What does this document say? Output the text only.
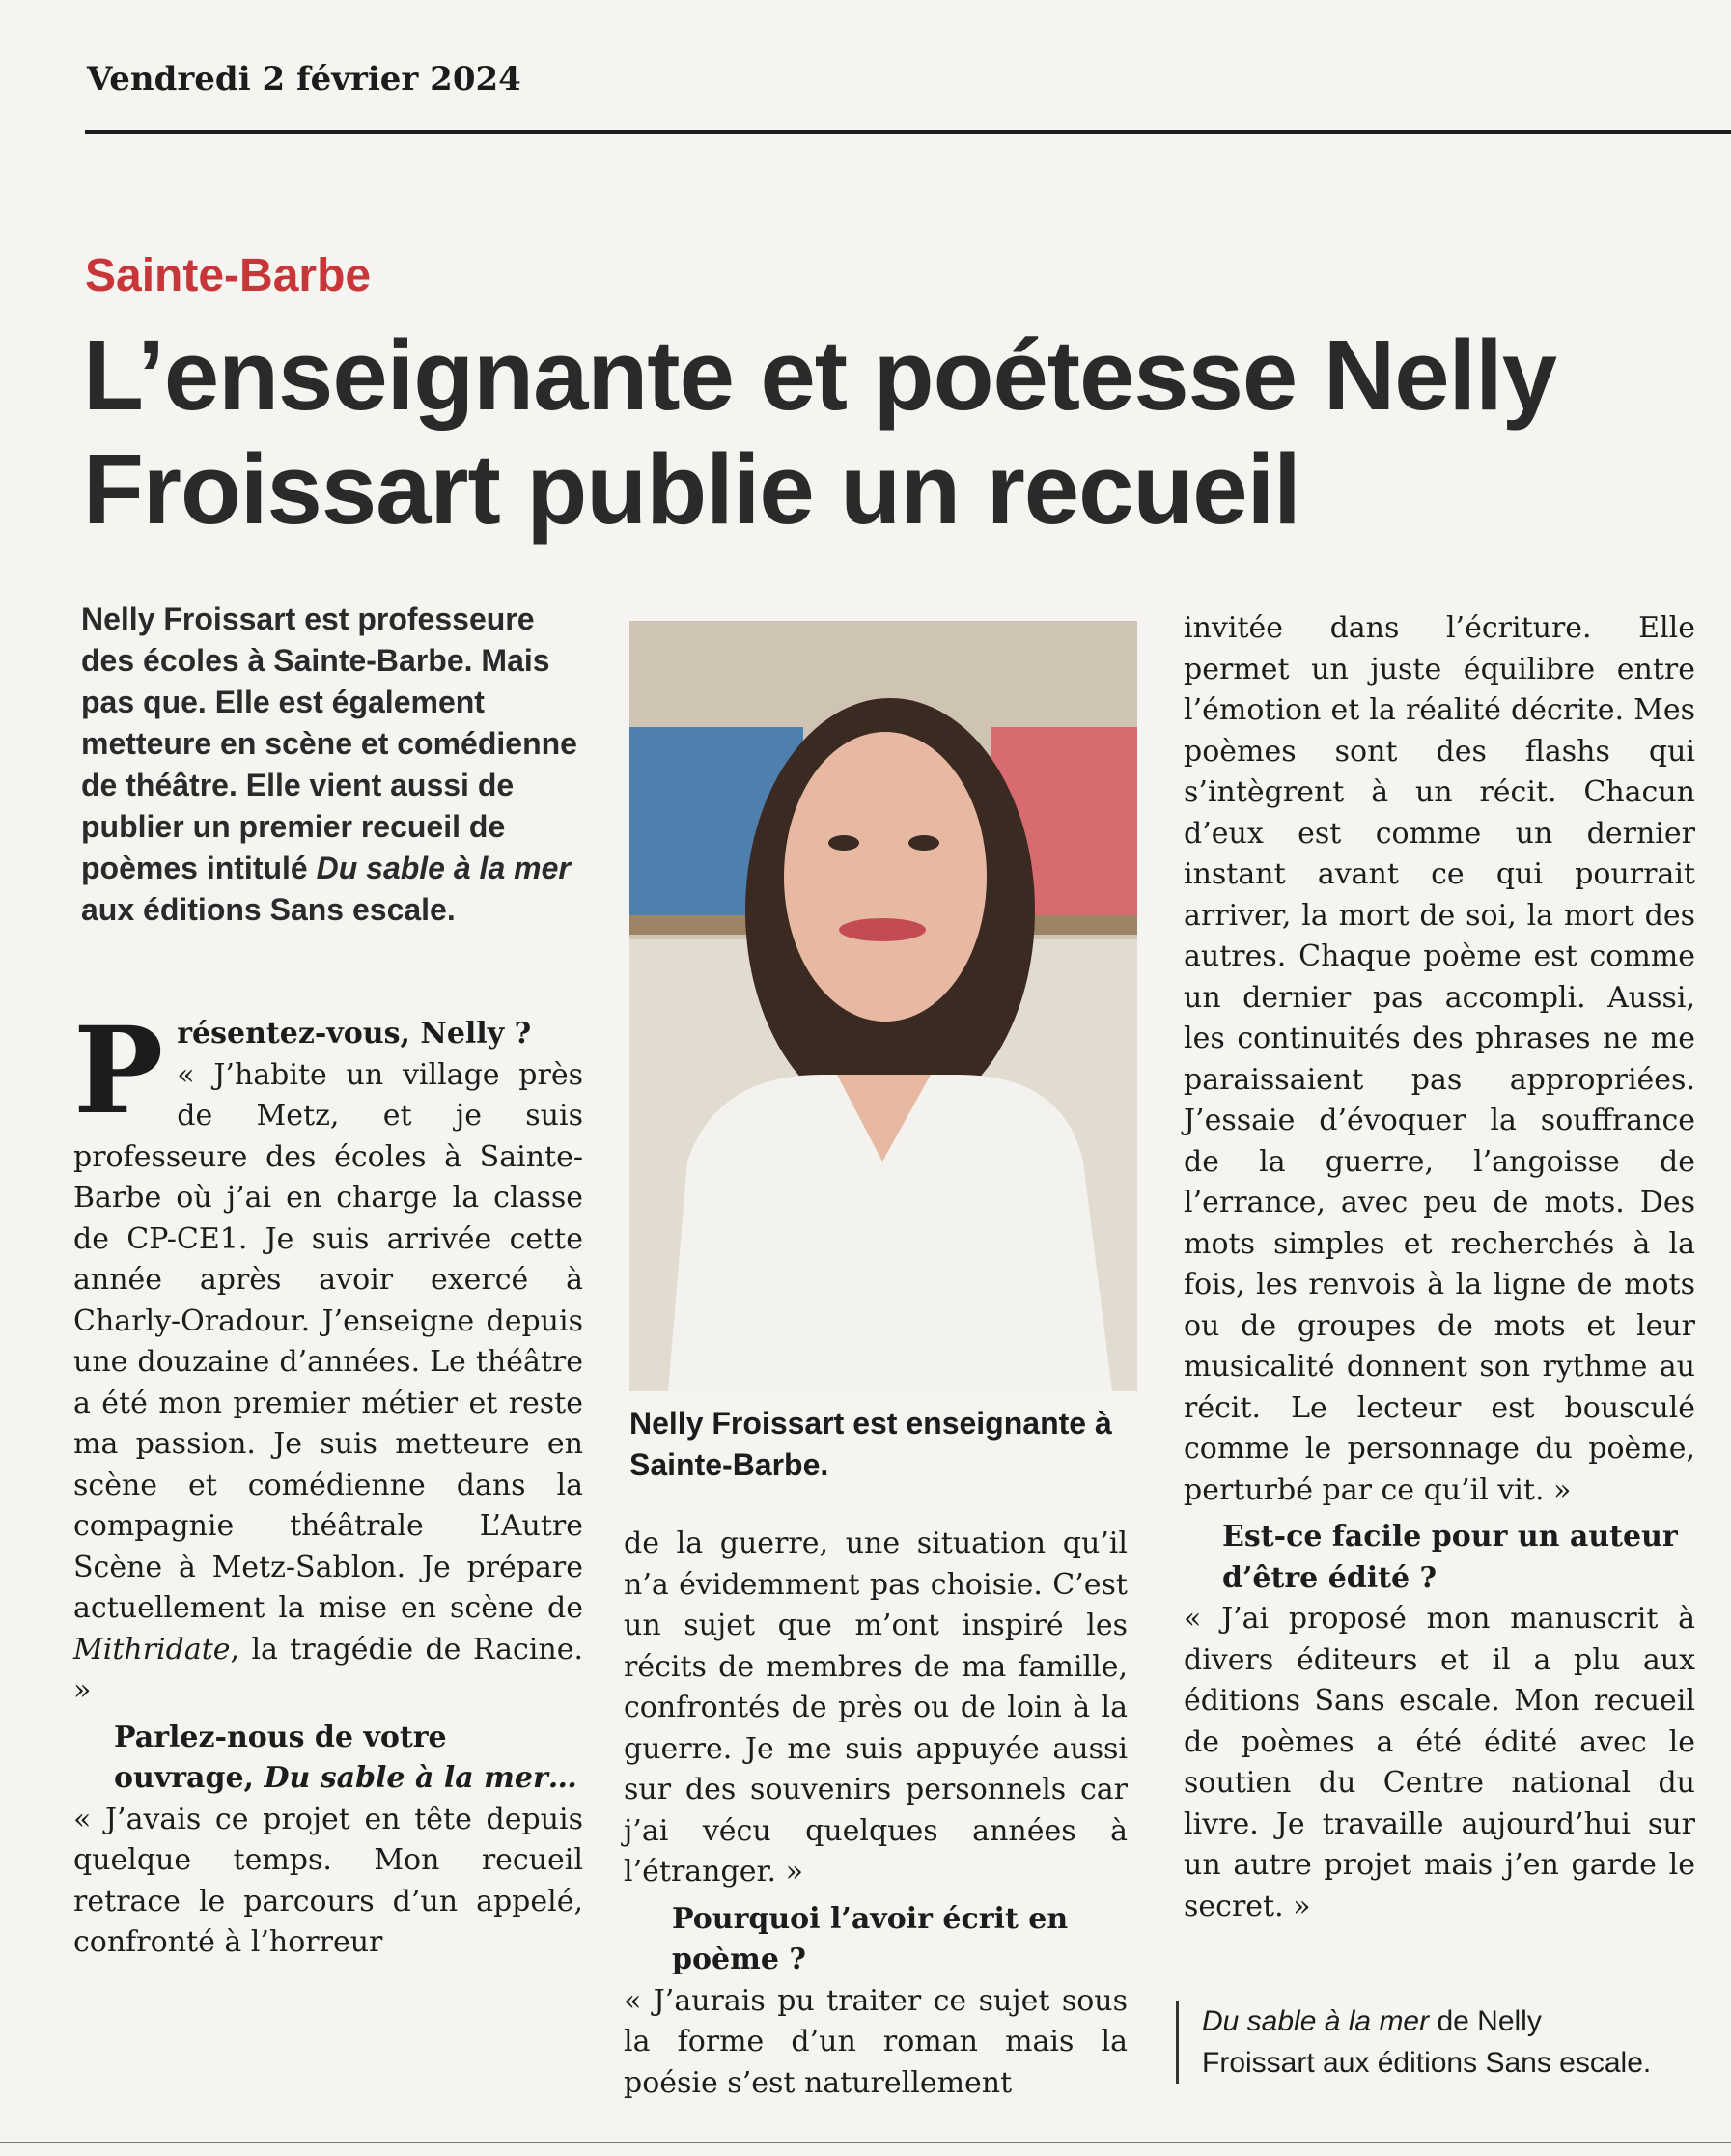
Vendredi 2 février 2024
Sainte-Barbe
L’enseignante et poétesse Nelly Froissart publie un recueil
Nelly Froissart est professeure des écoles à Sainte-Barbe. Mais pas que. Elle est également metteure en scène et comédienne de théâtre. Elle vient aussi de publier un premier recueil de poèmes intitulé Du sable à la mer aux éditions Sans escale.

P résentez-vous, Nelly ?

« J’habite un village près de Metz, et je suis professeure des écoles à Sainte-Barbe où j’ai en charge la classe de CP-CE1. Je suis arrivée cette année après avoir exercé à Charly-Oradour. J’enseigne depuis une douzaine d’années. Le théâtre a été mon premier métier et reste ma passion. Je suis metteure en scène et comédienne dans la compagnie théâtrale L’Autre Scène à Metz-Sablon. Je prépare actuellement la mise en scène de Mithridate, la tragédie de Racine. »

Parlez-nous de votre ouvrage, Du sable à la mer…

« J’avais ce projet en tête depuis quelque temps. Mon recueil retrace le parcours d’un appelé, confronté à l’horreur

Nelly Froissart est enseignante à Sainte-Barbe.

de la guerre, une situation qu’il n’a évidemment pas choisie. C’est un sujet que m’ont inspiré les récits de membres de ma famille, confrontés de près ou de loin à la guerre. Je me suis appuyée aussi sur des souvenirs personnels car j’ai vécu quelques années à l’étranger. »

Pourquoi l’avoir écrit en poème ?

« J’aurais pu traiter ce sujet sous la forme d’un roman mais la poésie s’est naturellement

invitée dans l’écriture. Elle permet un juste équilibre entre l’émotion et la réalité décrite. Mes poèmes sont des flashs qui s’intègrent à un récit. Chacun d’eux est comme un dernier instant avant ce qui pourrait arriver, la mort de soi, la mort des autres. Chaque poème est comme un dernier pas accompli. Aussi, les continuités des phrases ne me paraissaient pas appropriées. J’essaie d’évoquer la souffrance de la guerre, l’angoisse de l’errance, avec peu de mots. Des mots simples et recherchés à la fois, les renvois à la ligne de mots ou de groupes de mots et leur musicalité donnent son rythme au récit. Le lecteur est bousculé comme le personnage du poème, perturbé par ce qu’il vit. »

Est-ce facile pour un auteur d’être édité ?

« J’ai proposé mon manuscrit à divers éditeurs et il a plu aux éditions Sans escale. Mon recueil de poèmes a été édité avec le soutien du Centre national du livre. Je travaille aujourd’hui sur un autre projet mais j’en garde le secret. »

Du sable à la mer de Nelly Froissart aux éditions Sans escale.
